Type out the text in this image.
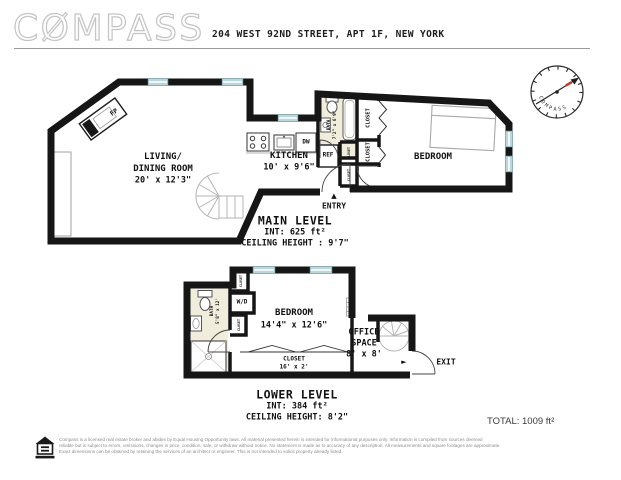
CØMPASS 204 WEST 92ND STREET, APT 1F, NEW YORK
FP
COMPASS
LIVING/
DINING ROOM
20' x 12'3"
KITCHEN
10' x 9'6"
BEDROOM
BATH 7'2" x 6'9"	CLOSET
CLOSET
CLOSET
CLOSET
REF
DW
▲
ENTRY
MAIN LEVEL
INT: 625 ft²
CEILING HEIGHT : 9'7"
BEDROOM
14'4" x 12'6"
OFFICE
SPACE
8' x 8'
BATH 5'8" x 12'	W/D
CLOSET
CLOSET
CLOSET
16' x 2'
►	EXIT
LOWER LEVEL
INT: 384 ft²
CEILING HEIGHT: 8'2"	TOTAL: 1009 ft²
Compass is a licensed real estate broker and abides by Equal Housing Opportunity laws. All material presented herein is intended for informational purposes only. Information is compiled from sources deemed
reliable but is subject to errors, omissions, changes in price, condition, sale, or withdraw without notice. No statement is made as to accuracy of any description. All measurements and square footages are approximate.
Exact dimensions can be obtained by retaining the services of an architect or engineer. This is not intended to solicit property already listed.
